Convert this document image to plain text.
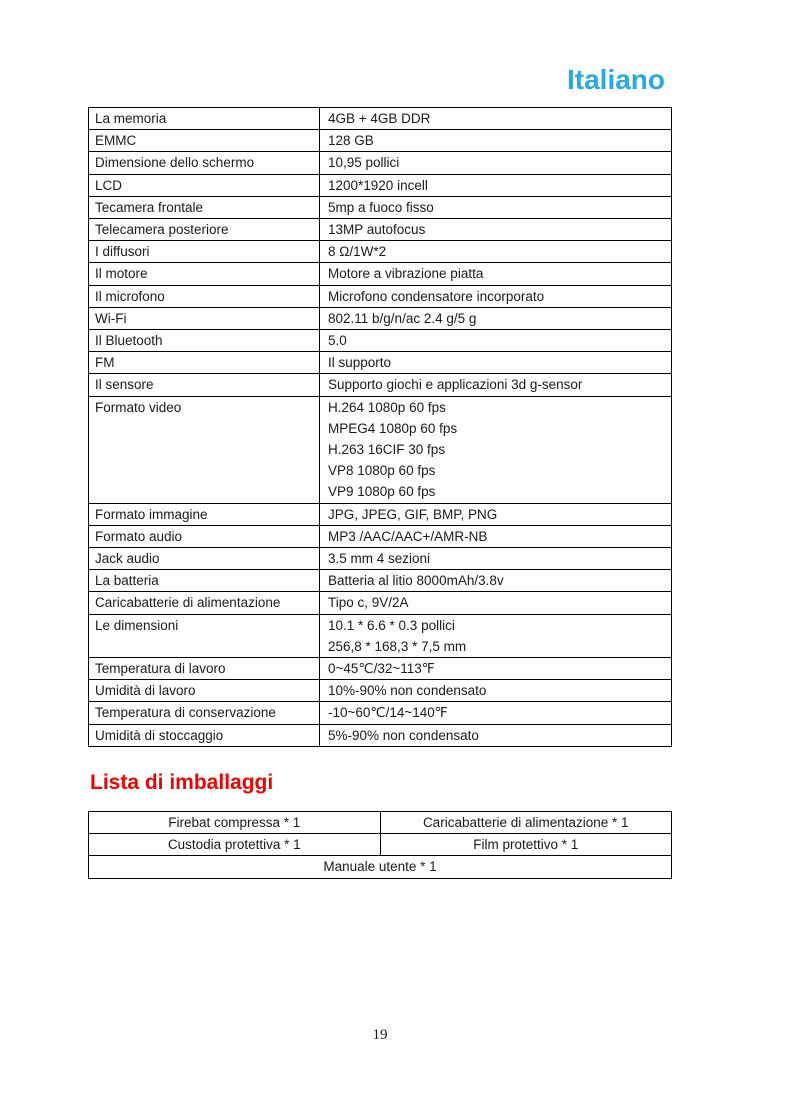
Italiano
La memoria	4GB + 4GB DDR
EMMC	128 GB
Dimensione dello schermo	10,95 pollici
LCD	1200*1920 incell
Tecamera frontale	5mp a fuoco fisso
Telecamera posteriore	13MP autofocus
I diffusori	8 Ω/1W*2
Il motore	Motore a vibrazione piatta
Il microfono	Microfono condensatore incorporato
Wi-Fi	802.11 b/g/n/ac 2.4 g/5 g
Il Bluetooth	5.0
FM	Il supporto
Il sensore	Supporto giochi e applicazioni 3d g-sensor
Formato video	H.264 1080p 60 fps
MPEG4 1080p 60 fps
H.263 16CIF 30 fps
VP8 1080p 60 fps
VP9 1080p 60 fps
Formato immagine	JPG, JPEG, GIF, BMP, PNG
Formato audio	MP3 /AAC/AAC+/AMR-NB
Jack audio	3.5 mm 4 sezioni
La batteria	Batteria al litio 8000mAh/3.8v
Caricabatterie di alimentazione	Tipo c, 9V/2A
Le dimensioni	10.1 * 6.6 * 0.3 pollici
256,8 * 168,3 * 7,5 mm
Temperatura di lavoro	0~45℃/32~113℉
Umidità di lavoro	10%-90% non condensato
Temperatura di conservazione	-10~60℃/14~140℉
Umidità di stoccaggio	5%-90% non condensato
Lista di imballaggi
Firebat compressa * 1	Caricabatterie di alimentazione * 1
Custodia protettiva * 1	Film protettivo * 1
Manuale utente * 1
19
